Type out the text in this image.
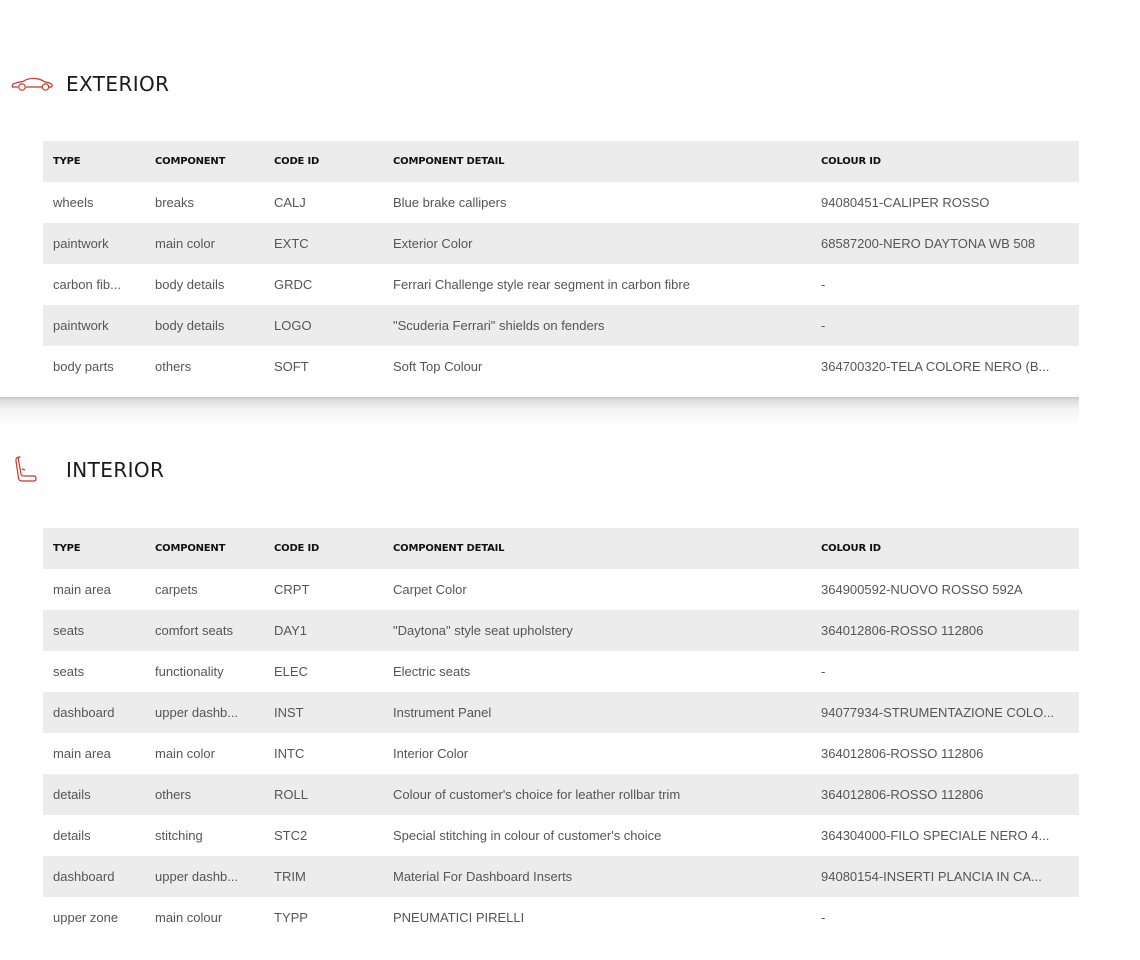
EXTERIOR
TYPE	COMPONENT	CODE ID	COMPONENT DETAIL	COLOUR ID
wheels	breaks	CALJ	Blue brake callipers	94080451-CALIPER ROSSO
paintwork	main color	EXTC	Exterior Color	68587200-NERO DAYTONA WB 508
carbon fib...	body details	GRDC	Ferrari Challenge style rear segment in carbon fibre	-
paintwork	body details	LOGO	"Scuderia Ferrari" shields on fenders	-
body parts	others	SOFT	Soft Top Colour	364700320-TELA COLORE NERO (B...
INTERIOR
TYPE	COMPONENT	CODE ID	COMPONENT DETAIL	COLOUR ID
main area	carpets	CRPT	Carpet Color	364900592-NUOVO ROSSO 592A
seats	comfort seats	DAY1	"Daytona" style seat upholstery	364012806-ROSSO 112806
seats	functionality	ELEC	Electric seats	-
dashboard	upper dashb...	INST	Instrument Panel	94077934-STRUMENTAZIONE COLO...
main area	main color	INTC	Interior Color	364012806-ROSSO 112806
details	others	ROLL	Colour of customer's choice for leather rollbar trim	364012806-ROSSO 112806
details	stitching	STC2	Special stitching in colour of customer's choice	364304000-FILO SPECIALE NERO 4...
dashboard	upper dashb...	TRIM	Material For Dashboard Inserts	94080154-INSERTI PLANCIA IN CA...
upper zone	main colour	TYPP	PNEUMATICI PIRELLI	-
